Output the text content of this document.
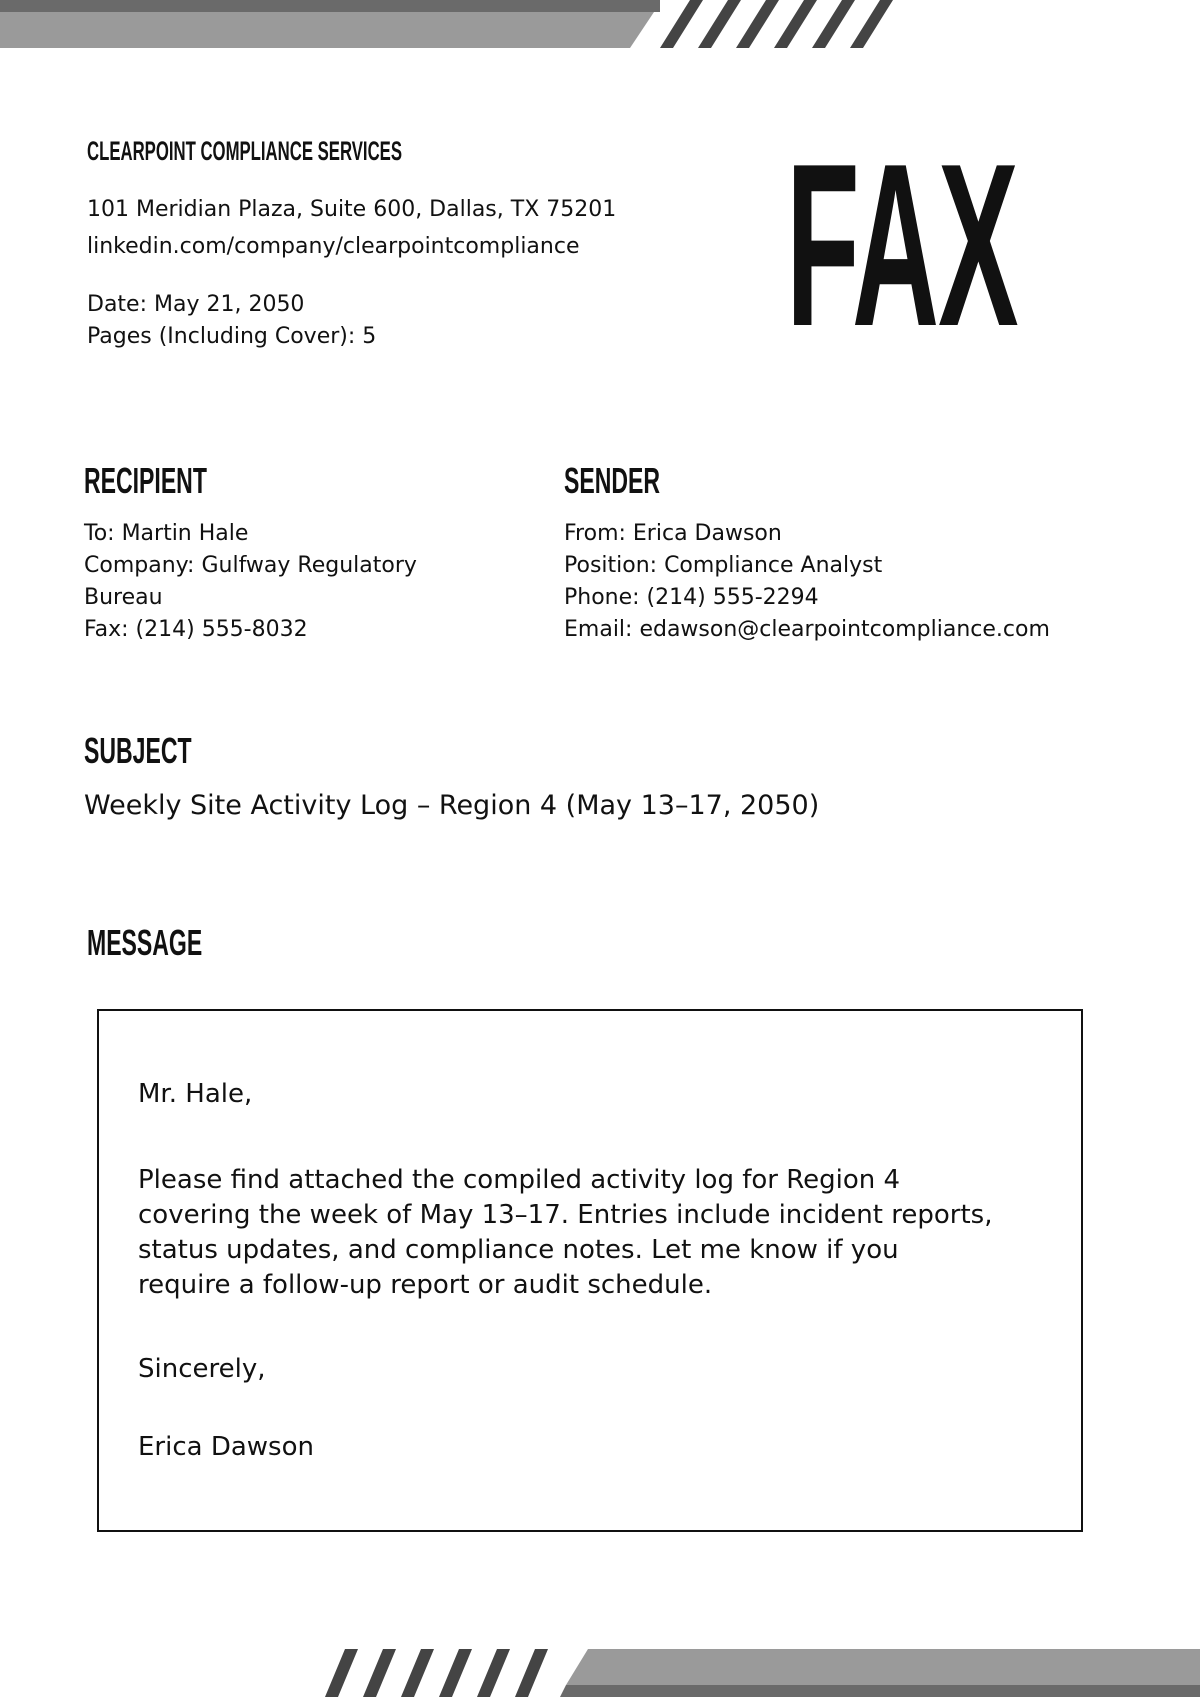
CLEARPOINT COMPLIANCE SERVICES

101 Meridian Plaza, Suite 600, Dallas, TX 75201

linkedin.com/company/clearpointcompliance

Date: May 21, 2050

Pages (Including Cover): 5 FAX
RECIPIENT

To: Martin Hale

Company: Gulfway Regulatory

Bureau

Fax: (214) 555-8032

SENDER

From: Erica Dawson

Position: Compliance Analyst

Phone: (214) 555-2294

Email: edawson@clearpointcompliance.com

SUBJECT

Weekly Site Activity Log – Region 4 (May 13–17, 2050)

MESSAGE

Mr. Hale,

Please find attached the compiled activity log for Region 4

covering the week of May 13–17. Entries include incident reports,

status updates, and compliance notes. Let me know if you

require a follow-up report or audit schedule.

Sincerely,

Erica Dawson
